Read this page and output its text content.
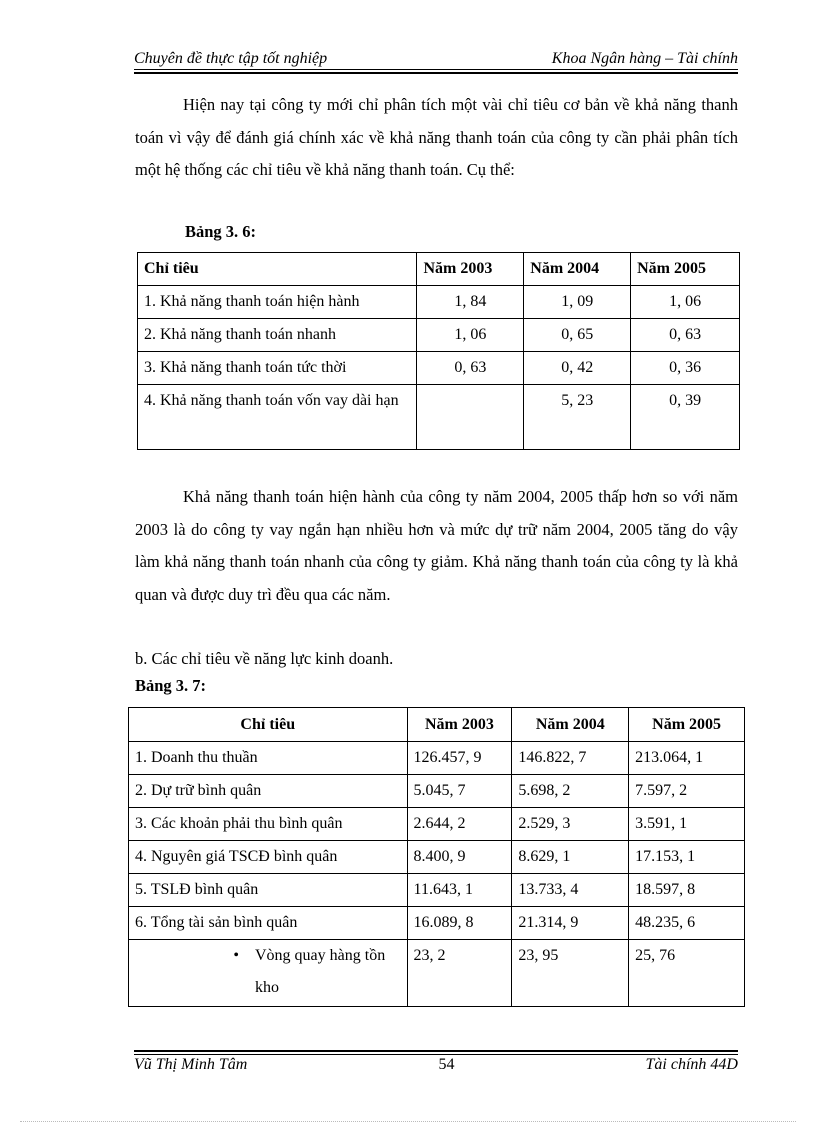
Chuyên đề thực tập tốt nghiệp	Khoa Ngân hàng – Tài chính

Hiện nay tại công ty mới chỉ phân tích một vài chỉ tiêu cơ bản về khả năng thanh toán vì vậy để đánh giá chính xác về khả năng thanh toán của công ty cần phải phân tích một hệ thống các chỉ tiêu về khả năng thanh toán. Cụ thể:

Bảng 3. 6:
Chỉ tiêu	Năm 2003	Năm 2004	Năm 2005
1. Khả năng thanh toán hiện hành	1, 84	1, 09	1, 06
2. Khả năng thanh toán nhanh	1, 06	0, 65	0, 63
3. Khả năng thanh toán tức thời	0, 63	0, 42	0, 36
4. Khả năng thanh toán vốn vay dài hạn		5, 23	0, 39

Khả năng thanh toán hiện hành của công ty năm 2004, 2005 thấp hơn so với năm 2003 là do công ty vay ngắn hạn nhiều hơn và mức dự trữ năm 2004, 2005 tăng do vậy làm khả năng thanh toán nhanh của công ty giảm. Khả năng thanh toán của công ty là khả quan và được duy trì đều qua các năm.

b. Các chỉ tiêu về năng lực kinh doanh.
Bảng 3. 7:
Chỉ tiêu	Năm 2003	Năm 2004	Năm 2005
1. Doanh thu thuần	126.457, 9	146.822, 7	213.064, 1
2. Dự trữ bình quân	5.045, 7	5.698, 2	7.597, 2
3. Các khoản phải thu bình quân	2.644, 2	2.529, 3	3.591, 1
4. Nguyên giá TSCĐ bình quân	8.400, 9	8.629, 1	17.153, 1
5. TSLĐ bình quân	11.643, 1	13.733, 4	18.597, 8
6. Tổng tài sản bình quân	16.089, 8	21.314, 9	48.235, 6

• Vòng quay hàng tồn kho	23, 2	23, 95	25, 76
Vũ Thị Minh Tâm	54	Tài chính 44D
